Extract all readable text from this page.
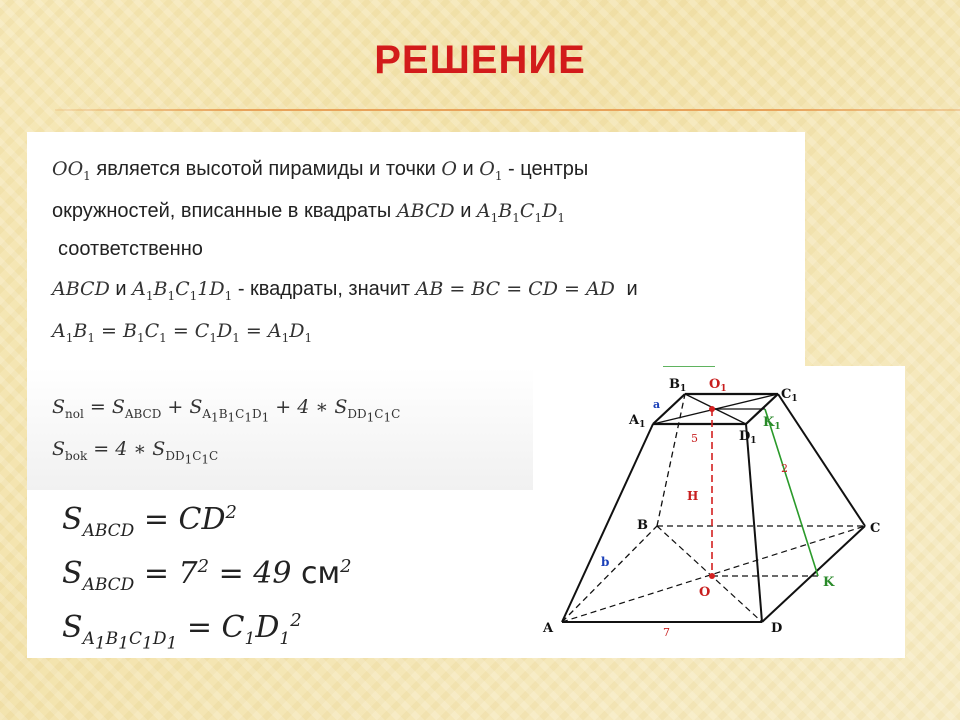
РЕШЕНИЕ
$OO_1$ является высотой пирамиды и точки O и $O_1$ - центры
окружностей, вписанные в квадраты ABCD и $A_1B_1C_1D_1$
соответственно
ABCD и $A_1B_1C_11D_1$ - квадраты, значит AB = BC = CD = AD и
$A_1B_1 = B_1C_1 = C_1D_1 = A_1D_1$
$S_{nol} = S_{ABCD} + S_{A_1B_1C_1D_1} + 4$ ∗ $S_{DD_1C_1C}$
$S_{bok} = 4$ ∗ $S_{DD_1C_1C}$
$S_{ABCD} = CD^2$
$S_{ABCD} = 7^2 = 49$ $см^2$
$S_{A_1B_1C_1D_1} = C_1D_1^2$	A	D
C
B
O
K
$A_1$
$B_1$	$C_1$
$D_1$
$O_1$
$K_1$
a
b
5
7
2
H
